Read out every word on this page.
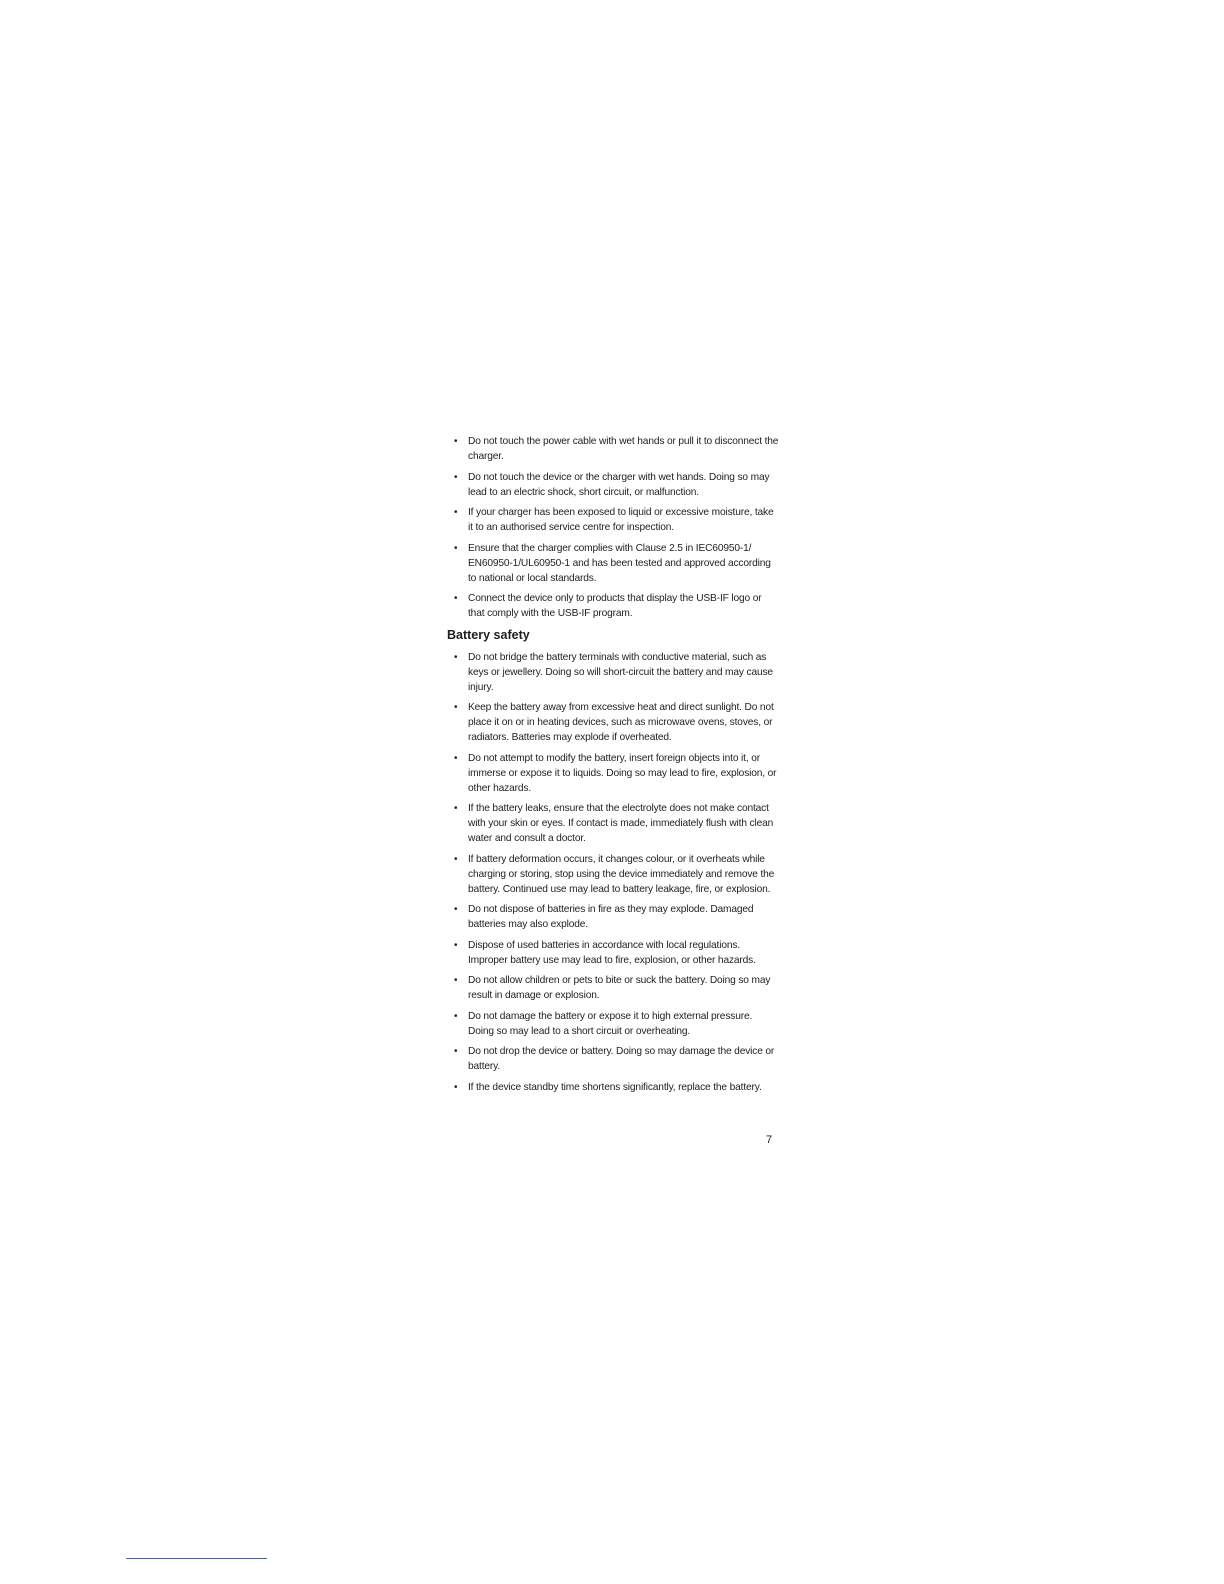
• Do not touch the power cable with wet hands or pull it to disconnect the charger.
• Do not touch the device or the charger with wet hands. Doing so may lead to an electric shock, short circuit, or malfunction.
• If your charger has been exposed to liquid or excessive moisture, take it to an authorised service centre for inspection.
• Ensure that the charger complies with Clause 2.5 in IEC60950-1/ EN60950-1/UL60950-1 and has been tested and approved according to national or local standards.
• Connect the device only to products that display the USB-IF logo or that comply with the USB-IF program.
Battery safety
• Do not bridge the battery terminals with conductive material, such as keys or jewellery. Doing so will short-circuit the battery and may cause injury.
• Keep the battery away from excessive heat and direct sunlight. Do not place it on or in heating devices, such as microwave ovens, stoves, or radiators. Batteries may explode if overheated.
• Do not attempt to modify the battery, insert foreign objects into it, or immerse or expose it to liquids. Doing so may lead to fire, explosion, or other hazards.
• If the battery leaks, ensure that the electrolyte does not make contact with your skin or eyes. If contact is made, immediately flush with clean water and consult a doctor.
• If battery deformation occurs, it changes colour, or it overheats while charging or storing, stop using the device immediately and remove the battery. Continued use may lead to battery leakage, fire, or explosion.
• Do not dispose of batteries in fire as they may explode. Damaged batteries may also explode.
• Dispose of used batteries in accordance with local regulations. Improper battery use may lead to fire, explosion, or other hazards.
• Do not allow children or pets to bite or suck the battery. Doing so may result in damage or explosion.
• Do not damage the battery or expose it to high external pressure. Doing so may lead to a short circuit or overheating.
• Do not drop the device or battery. Doing so may damage the device or battery.
• If the device standby time shortens significantly, replace the battery.
7
